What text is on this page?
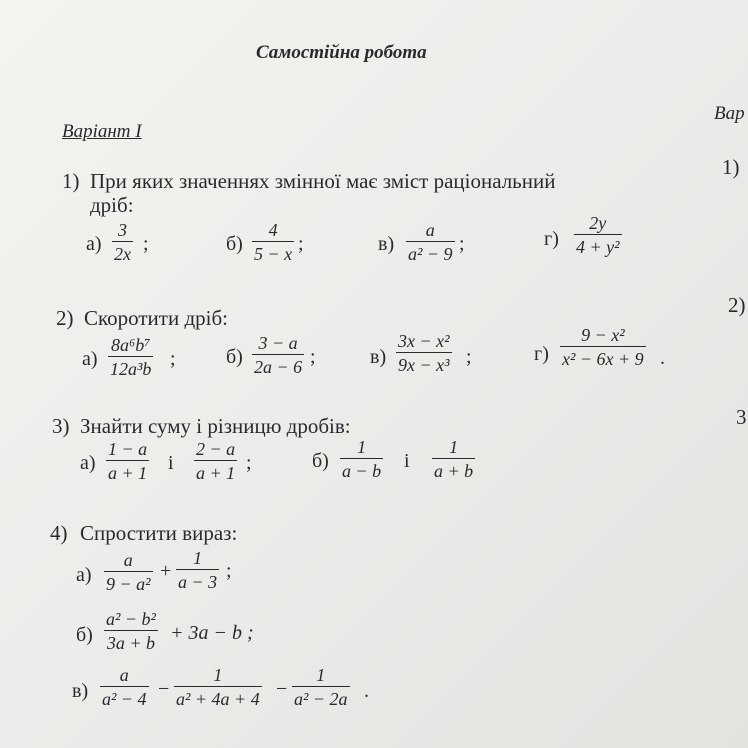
Самостійна робота
Варіант І
Вар
1)
2)
3
1) При яких значеннях змінної має зміст раціональний
дріб:
а)
3
2x ;	б)
4
5 − x ;	в)
a
a² − 9 ;	г)
2y
4 + y²
2) Скоротити дріб:
а)
8a⁶b⁷
12a³b ;	б)
3 − a
2a − 6 ;	в)
3x − x²
9x − x³ ;	г)
9 − x²
x² − 6x + 9 .
3) Знайти суму і різницю дробів:
а)
1 − a
a + 1 і
2 − a
a + 1 ;	б)
1
a − b і
1
a + b
4) Спростити вираз:
а)
a
9 − a²
+
1
a − 3 ;
б)
a² − b²
3a + b + 3a − b ;
в)
a
a² − 4 −
1
a² + 4a + 4 −
1
a² − 2a .
